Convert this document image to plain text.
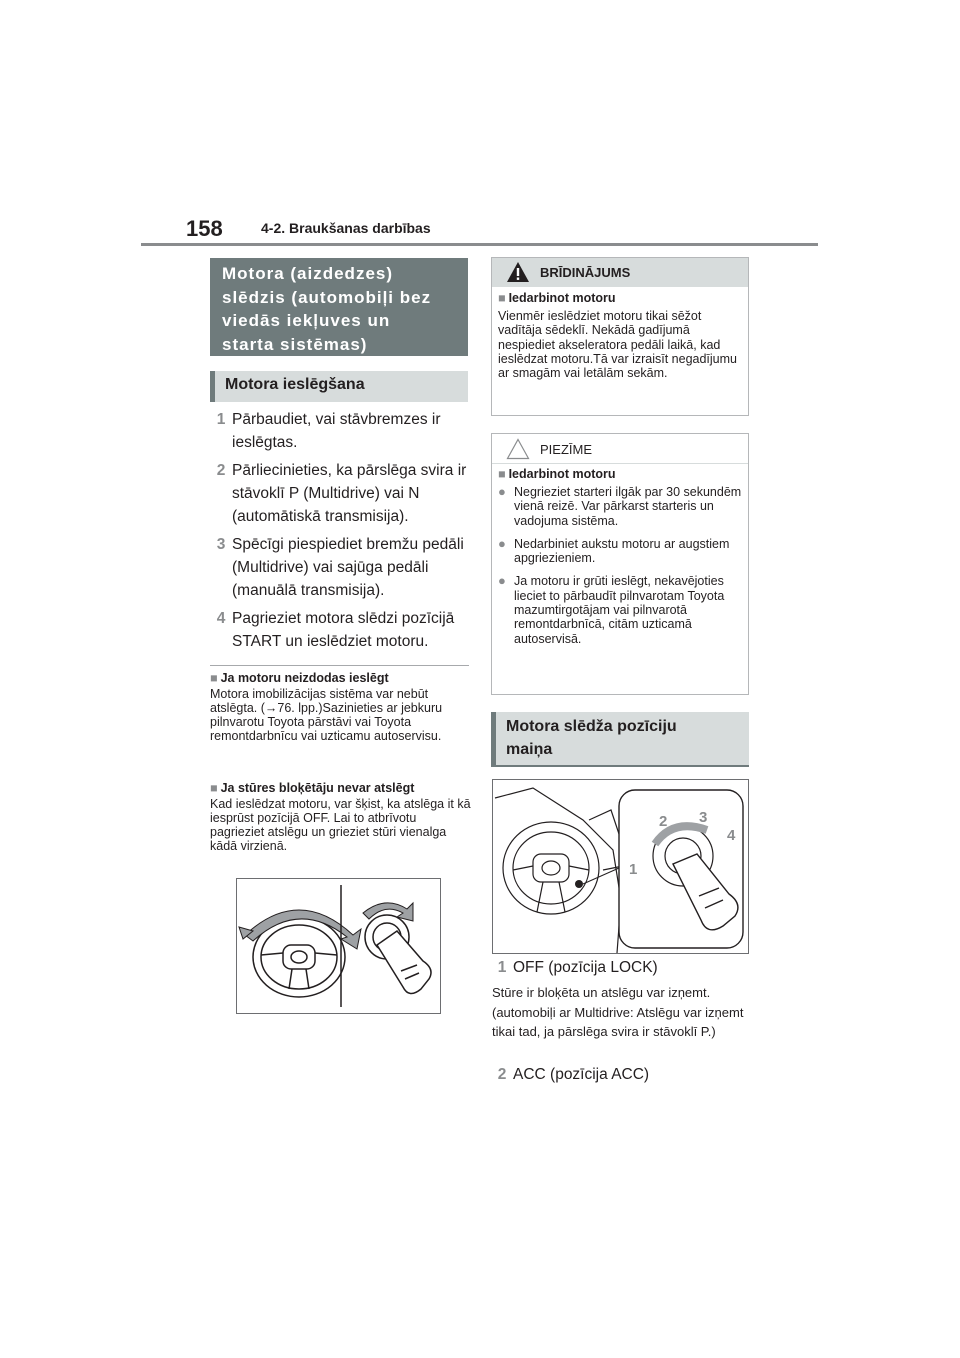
158	4-2. Braukšanas darbības
Motora (aizdedzes)
slēdzis (automobiļi bez
viedās iekļuves un
starta sistēmas)
Motora ieslēgšana
1 Pārbaudiet, vai stāvbremzes ir ieslēgtas.
2 Pārliecinieties, ka pārslēga svira ir stāvoklī P (Multidrive) vai N (automātiskā transmisija).
3 Spēcīgi piespiediet bremžu pedāli (Multidrive) vai sajūga pedāli (manuālā transmisija).
4 Pagrieziet motora slēdzi pozīcijā START un ieslēdziet motoru.

■ Ja motoru neizdodas ieslēgt

Motora imobilizācijas sistēma var nebūt atslēgta. (→76. lpp.)Sazinieties ar jebkuru pilnvarotu Toyota pārstāvi vai Toyota remontdarbnīcu vai uzticamu autoservisu.

■ Ja stūres bloķētāju nevar atslēgt

Kad ieslēdzat motoru, var šķist, ka atslēga it kā iesprūst pozīcijā OFF. Lai to atbrīvotu pagrieziet atslēgu un grieziet stūri vienalga kādā virzienā.

BRĪDINĀJUMS

■ Iedarbinot motoru

Vienmēr ieslēdziet motoru tikai sēžot vadītāja sēdeklī. Nekādā gadījumā nespiediet akseleratora pedāli laikā, kad ieslēdzat motoru.Tā var izraisīt negadījumu ar smagām vai letālām sekām.

PIEZĪME

■ Iedarbinot motoru

● Negrieziet starteri ilgāk par 30 sekundēm vienā reizē. Var pārkarst starteris un vadojuma sistēma.
● Nedarbiniet aukstu motoru ar augstiem apgriezieniem.
● Ja motoru ir grūti ieslēgt, nekavējoties lieciet to pārbaudīt pilnvarotam Toyota mazumtirgotājam vai pilnvarotā remontdarbnīcā, citām uzticamā autoservisā.
Motora slēdža pozīciju
maiņa
1
2 3
4
1 OFF (pozīcija LOCK)
Stūre ir bloķēta un atslēgu var izņemt. (automobiļi ar Multidrive: Atslēgu var izņemt tikai tad, ja pārslēga svira ir stāvoklī P.)
2 ACC (pozīcija ACC)
